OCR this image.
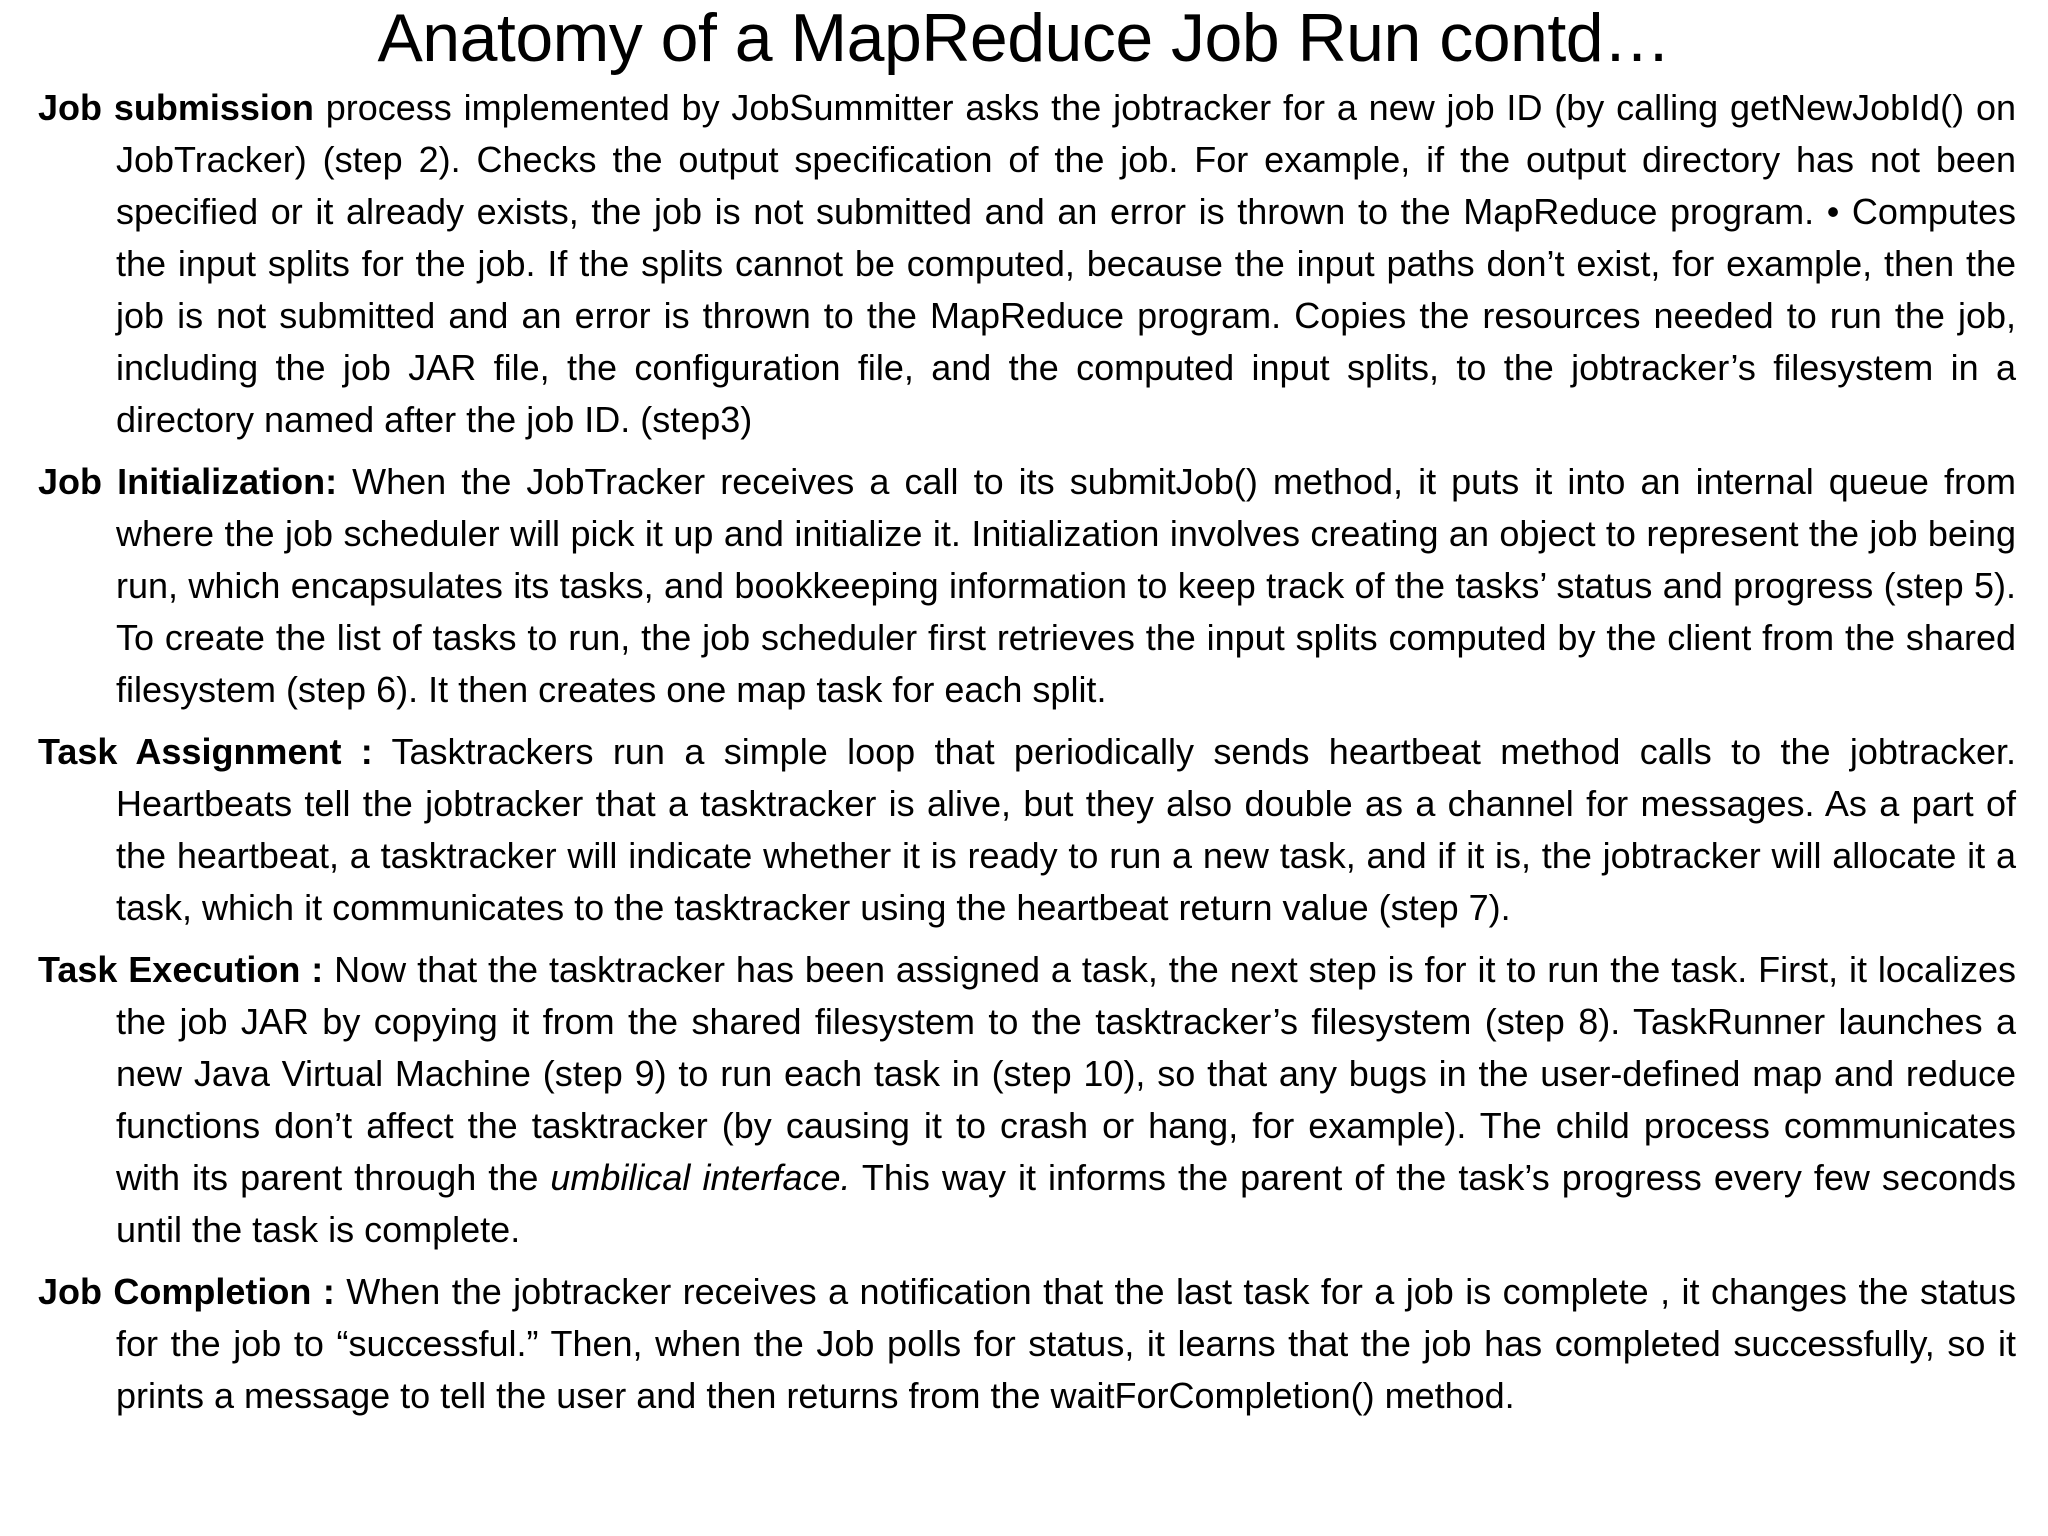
Anatomy of a MapReduce Job Run contd…

Job submission process implemented by JobSummitter asks the jobtracker for a new job ID (by calling getNewJobId() on JobTracker) (step 2). Checks the output specification of the job. For example, if the output directory has not been specified or it already exists, the job is not submitted and an error is thrown to the MapReduce program. • Computes the input splits for the job. If the splits cannot be computed, because the input paths don’t exist, for example, then the job is not submitted and an error is thrown to the MapReduce program. Copies the resources needed to run the job, including the job JAR file, the configuration file, and the computed input splits, to the jobtracker’s filesystem in a directory named after the job ID. (step3)

Job Initialization: When the JobTracker receives a call to its submitJob() method, it puts it into an internal queue from where the job scheduler will pick it up and initialize it. Initialization involves creating an object to represent the job being run, which encapsulates its tasks, and bookkeeping information to keep track of the tasks’ status and progress (step 5). To create the list of tasks to run, the job scheduler first retrieves the input splits computed by the client from the shared filesystem (step 6). It then creates one map task for each split.

Task Assignment : Tasktrackers run a simple loop that periodically sends heartbeat method calls to the jobtracker. Heartbeats tell the jobtracker that a tasktracker is alive, but they also double as a channel for messages. As a part of the heartbeat, a tasktracker will indicate whether it is ready to run a new task, and if it is, the jobtracker will allocate it a task, which it communicates to the tasktracker using the heartbeat return value (step 7).

Task Execution : Now that the tasktracker has been assigned a task, the next step is for it to run the task. First, it localizes the job JAR by copying it from the shared filesystem to the tasktracker’s filesystem (step 8). TaskRunner launches a new Java Virtual Machine (step 9) to run each task in (step 10), so that any bugs in the user-defined map and reduce functions don’t affect the tasktracker (by causing it to crash or hang, for example). The child process communicates with its parent through the umbilical interface. This way it informs the parent of the task’s progress every few seconds until the task is complete.

Job Completion : When the jobtracker receives a notification that the last task for a job is complete , it changes the status for the job to “successful.” Then, when the Job polls for status, it learns that the job has completed successfully, so it prints a message to tell the user and then returns from the waitForCompletion() method.
